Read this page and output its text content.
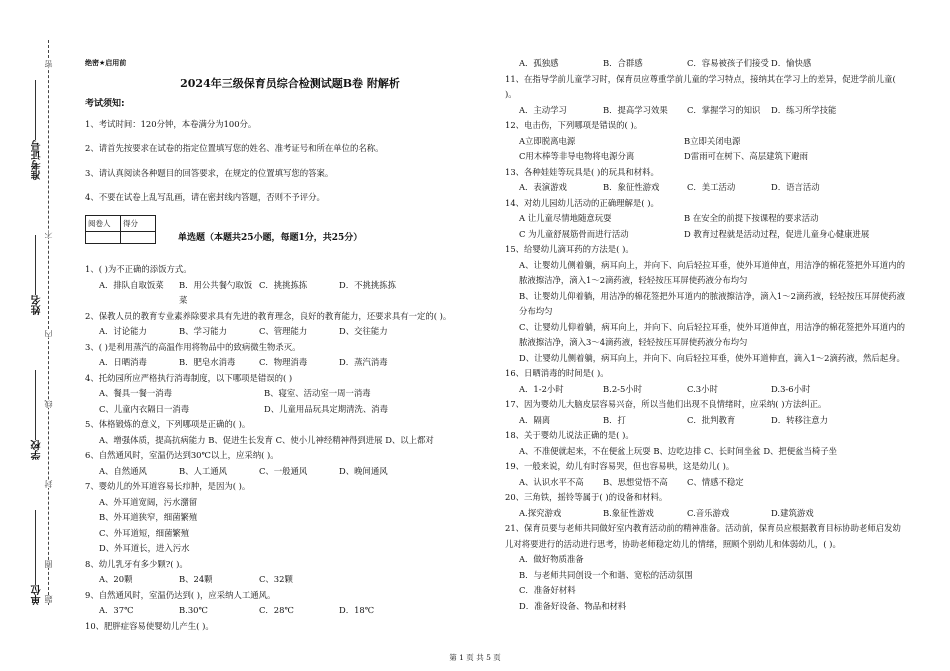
准考证号
姓名
学校
单位
密
不
内
线
封
圈
题
绝密★启用前
2024年三级保育员综合检测试题B卷 附解析
考试须知:
1、考试时间：120分钟，本卷满分为100分。
2、请首先按要求在试卷的指定位置填写您的姓名、准考证号和所在单位的名称。
3、请认真阅读各种题目的回答要求，在规定的位置填写您的答案。
4、不要在试卷上乱写乱画，请在密封线内答题，否则不予评分。
阅卷人	得分

单选题（本题共25小题，每题1分，共25分）
1、( )为不正确的添饭方式。
A．排队自取饭菜	B．用公共餐勺取饭菜
C．挑挑拣拣	D．不挑挑拣拣
2、保教人员的教育专业素养除要求具有先进的教育理念，良好的教育能力，还要求具有一定的( )。
A．讨论能力	B、学习能力	C、管理能力	D、交往能力
3、( )是利用蒸汽的高温作用将物品中的致病微生物杀灭。
A．日晒消毒	B．肥皂水消毒	C．物理消毒	D．蒸汽消毒
4、托幼园所应严格执行消毒制度，以下哪项是错误的( )
A、餐具一餐一消毒	B、寝室、活动室一周一消毒
C、儿童内衣隔日一消毒	D、儿童用品玩具定期清洗、消毒
5、体格锻炼的意义，下列哪项是正确的( )。
A、增强体质，提高抗病能力 B、促进生长发育 C、使小儿神经精神得到进展 D、以上都对
6、自然通风时，室温仍达到30℃以上，应采纳( )。
A、自然通风	B、人工通风	C、一般通风	D、晚间通风
7、婴幼儿的外耳道容易长疖肿，是因为( )。
A、外耳道宽阔，污水潴留
B、外耳道狭窄，细菌繁殖
C、外耳道短，细菌繁殖
D、外耳道长，进入污水
8、幼儿乳牙有多少颗?( )。
A、20颗	B、24颗	C、32颗
9、自然通风时，室温仍达到( )，应采纳人工通风。
A．37℃	B.30℃	C．28℃	D．18℃
10、肥胖症容易使婴幼儿产生( )。
A．孤独感	B．合群感	C．容易被孩子们接受 D．愉快感
11、在指导学前儿童学习时，保育员应尊重学前儿童的学习特点，接纳其在学习上的差异，促进学前儿童( )。
A．主动学习	B．提高学习效果	C．掌握学习的知识	D．练习所学技能
12、电击伤，下列哪项是错误的( )。
A立即脱离电源	B立即关闭电源
C用木棒等非导电物将电源分离	D雷雨可在树下、高层建筑下避雨
13、各种娃娃等玩具是( )的玩具和材料。
A．表演游戏	B．象征性游戏	C．美工活动	D．语言活动
14、对幼儿园幼儿活动的正确理解是( )。
A 让儿童尽情地随意玩耍	B 在安全的前提下按课程的要求活动
C 为儿童舒展筋骨而进行活动	D 教育过程就是活动过程，促进儿童身心健康进展
15、给婴幼儿滴耳药的方法是( )。
A、让婴幼儿侧着躺，病耳向上，并向下、向后轻拉耳垂，使外耳道伸直，用洁净的棉花签把外耳道内的脓液擦洁净，滴入1～2滴药液，轻轻按压耳屏使药液分布均匀
B、让婴幼儿仰着躺，用洁净的棉花签把外耳道内的脓液擦洁净，滴入1～2滴药液，轻轻按压耳屏使药液分布均匀
C、让婴幼儿仰着躺，病耳向上，并向下、向后轻拉耳垂，使外耳道伸直，用洁净的棉花签把外耳道内的脓液擦洁净，滴入3～4滴药液，轻轻按压耳屏使药液分布均匀
D、让婴幼儿侧着躺，病耳向上，并向下、向后轻拉耳垂，使外耳道伸直，滴入1～2滴药液，然后起身。
16、日晒消毒的时间是( )。
A．1-2小时	B.2-5小时	C.3小时	D.3-6小时
17、因为婴幼儿大脑皮层容易兴奋，所以当他们出现不良情绪时，应采纳( )方法纠正。
A．隔离	B．打	C．批判教育	D．转移注意力
18、关于婴幼儿说法正确的是( )。
A、不准便就起来，不在便盆上玩耍 B、边吃边排 C、长时间坐盆 D、把便盆当椅子坐
19、一般来说，幼儿有时容易哭，但也容易哄，这是幼儿( )。
A、认识水平不高	B、思想觉悟不高	C、情感不稳定
20、三角铁，摇铃等属于( )的设备和材料。
A.探究游戏	B.象征性游戏	C.音乐游戏	D.建筑游戏
21、保育员要与老师共同做好室内教育活动前的精神准备。活动前，保育员应根据教育目标协助老师启发幼儿对将要进行的活动进行思考，协助老师稳定幼儿的情绪，照顾个别幼儿和体弱幼儿，( )。
A．做好物质准备
B．与老师共同创设一个和谐、宽松的活动氛围
C．准备好材料
D．准备好设备、物品和材料
第 1 页 共 5 页
